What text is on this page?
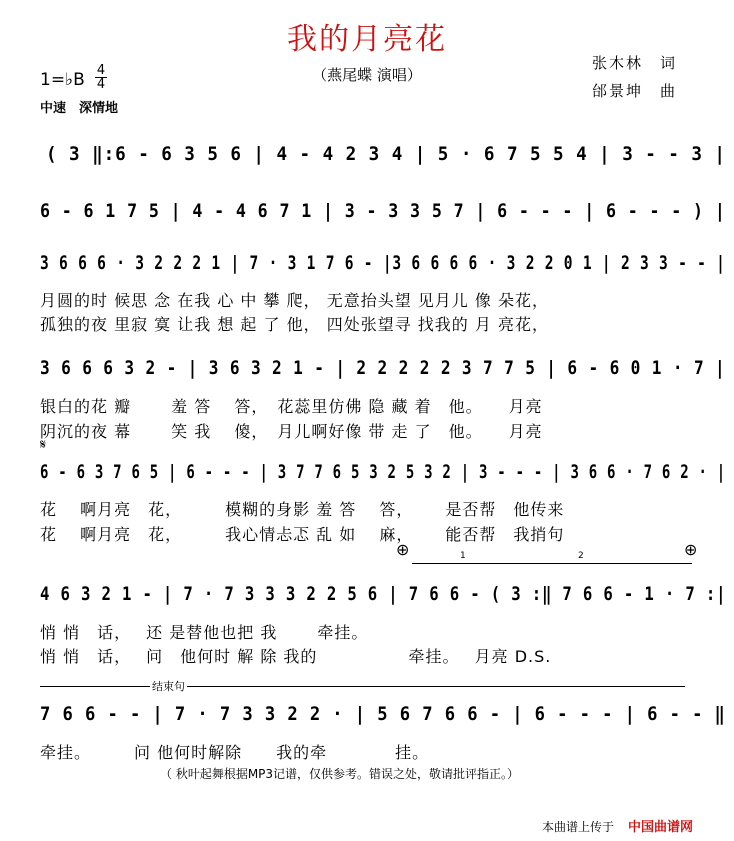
我的月亮花
（燕尾蝶 演唱）
张木林　词
邰景坤　曲
1=♭B 4
4
中速　深情地
( 3 ‖:6 - 6 3 5 6 | 4 - 4 2 3 4 | 5 · 6 7 5 5 4 | 3 - - 3 |
6 - 6 1 7 5 | 4 - 4 6 7 1 | 3 - 3 3 5 7 | 6 - - - | 6 - - - ) |
3 6 6 6 · 3 2 2 2 1 | 7 · 3 1 7 6 - |3 6 6 6 6 · 3 2 2 0 1 | 2 3 3 - - |
月圆的时 候思 念 在我 心 中 攀 爬， 无意抬头望 见月儿 像 朵花，
孤独的夜 里寂 寞 让我 想 起 了 他， 四处张望寻 找我的 月 亮花，
3 6 6 6 3 2 - | 3 6 3 2 1 - | 2 2 2 2 2 3 7 7 5 | 6 - 6 0 1 · 7 |
银白的花 瓣　　 羞 答　 答，　花蕊里仿佛 隐 藏 着　他。　　月亮
阴沉的夜 幕　　 笑 我　 傻，　月儿啊好像 带 走 了　他。　　月亮
𝄋
6 - 6 3 7 6 5 | 6 - - - | 3 7 7 6 5 3 2 5 3 2 | 3 - - - | 3 6 6 · 7 6 2 · |
花　 啊月亮　花，　　　模糊的身影 羞 答　 答，　　 是否帮　他传来
花　 啊月亮　花，　　　我心情忐忑 乱 如　 麻，　　 能否帮　我捎句
⊕	⊕
1	2
4 6 3 2 1 - | 7 · 7 3 3 3 2 2 5 6 | 7 6 6 - ( 3 :‖ 7 6 6 - 1 · 7 :|
悄 悄　话，　 还 是替他也把 我　　 牵挂。
悄 悄　话，　 问　他何时 解 除 我的　　　　　 牵挂。　 月亮 D.S.
结束句
7 6 6 - - | 7 · 7 3 3 2 2 · | 5 6 7 6 6 - | 6 - - - | 6 - - ‖
牵挂。　　　问 他何时解除　　我的牵　　　　挂。
（ 秋叶起舞根据MP3记谱，仅供参考。错误之处，敬请批评指正。）
本曲谱上传于 中国曲谱网
